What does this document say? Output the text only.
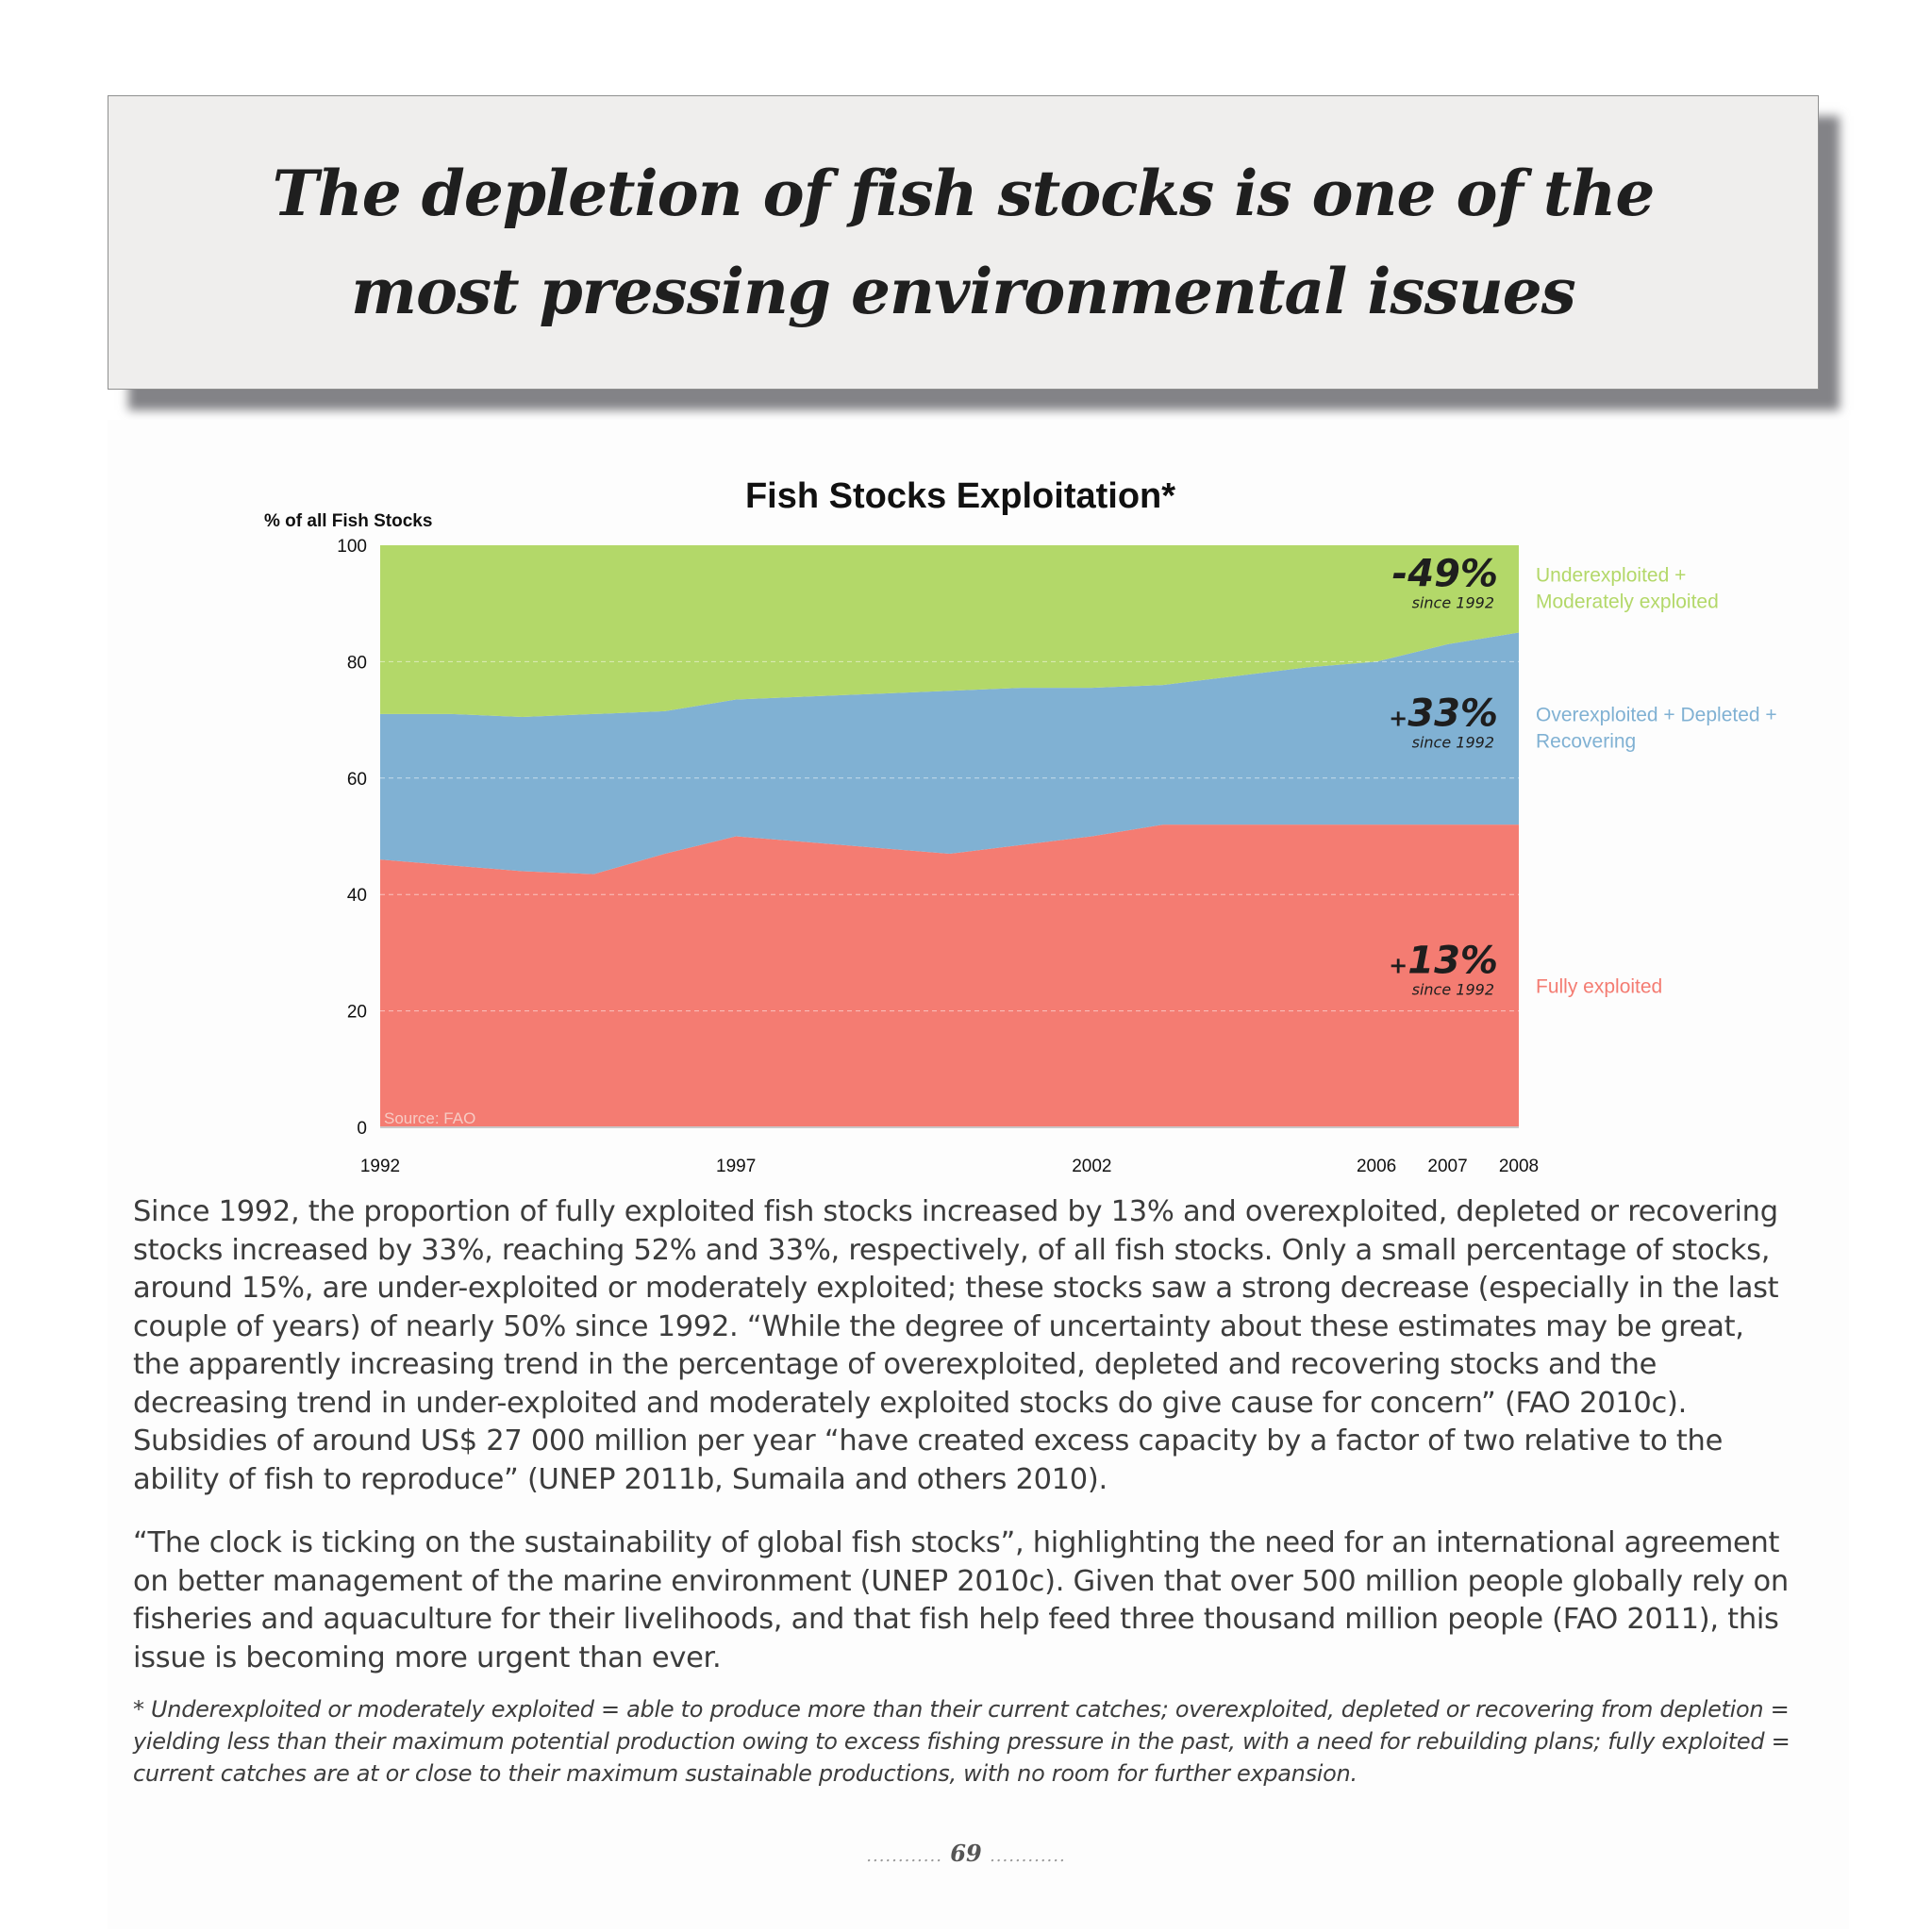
The depletion of fish stocks is one of the
most pressing environmental issues
Fish Stocks Exploitation*
% of all Fish Stocks
0
20
40
60
80
100
1992	1997	2002	2006 2007 2008
-49%
since 1992
+33%
since 1992
+13%
since 1992
Underexploited +
Moderately exploited
Overexploited + Depleted +
Recovering
Fully exploited
Source: FAO

Since 1992, the proportion of fully exploited fish stocks increased by 13% and overexploited, depleted or recovering stocks increased by 33%, reaching 52% and 33%, respectively, of all fish stocks. Only a small percentage of stocks, around 15%, are under-exploited or moderately exploited; these stocks saw a strong decrease (especially in the last couple of years) of nearly 50% since 1992. “While the degree of uncertainty about these estimates may be great, the apparently increasing trend in the percentage of overexploited, depleted and recovering stocks and the decreasing trend in under-exploited and moderately exploited stocks do give cause for concern” (FAO 2010c). Subsidies of around US$ 27 000 million per year “have created excess capacity by a factor of two relative to the ability of fish to reproduce” (UNEP 2011b, Sumaila and others 2010).

“The clock is ticking on the sustainability of global fish stocks”, highlighting the need for an international agreement on better management of the marine environment (UNEP 2010c). Given that over 500 million people globally rely on fisheries and aquaculture for their livelihoods, and that fish help feed three thousand million people (FAO 2011), this issue is becoming more urgent than ever.

* Underexploited or moderately exploited = able to produce more than their current catches; overexploited, depleted or recovering from depletion = yielding less than their maximum potential production owing to excess fishing pressure in the past, with a need for rebuilding plans; fully exploited = current catches are at or close to their maximum sustainable productions, with no room for further expansion.

............ 69 ............
